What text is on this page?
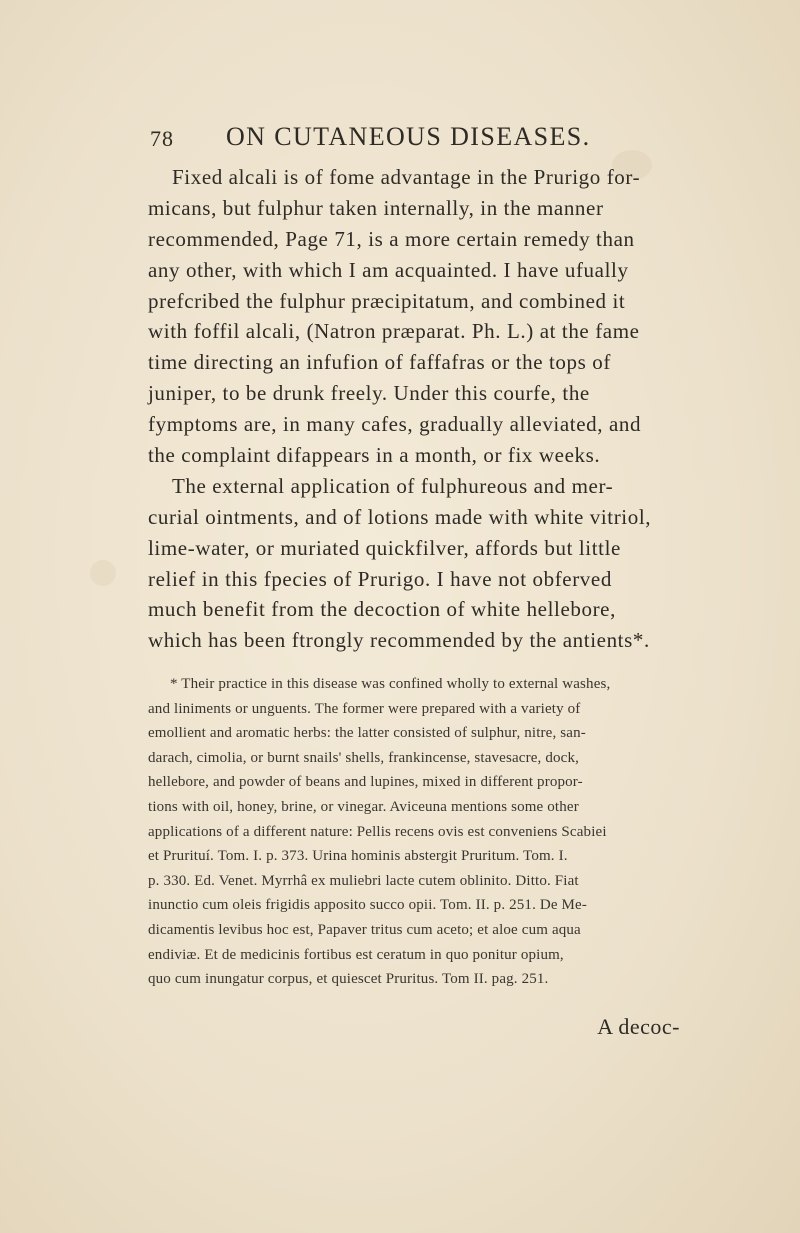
78 ON CUTANEOUS DISEASES.
Fixed alcali is of fome advantage in the Prurigo for-
micans, but fulphur taken internally, in the manner
recommended, Page 71, is a more certain remedy than
any other, with which I am acquainted. I have ufually
prefcribed the fulphur præcipitatum, and combined it
with foffil alcali, (Natron præparat. Ph. L.) at the fame
time directing an infufion of faffafras or the tops of
juniper, to be drunk freely. Under this courfe, the
fymptoms are, in many cafes, gradually alleviated, and
the complaint difappears in a month, or fix weeks.
The external application of fulphureous and mer-
curial ointments, and of lotions made with white vitriol,
lime-water, or muriated quickfilver, affords but little
relief in this fpecies of Prurigo. I have not obferved
much benefit from the decoction of white hellebore,
which has been ftrongly recommended by the antients*.
* Their practice in this disease was confined wholly to external washes,
and liniments or unguents. The former were prepared with a variety of
emollient and aromatic herbs: the latter consisted of sulphur, nitre, san-
darach, cimolia, or burnt snails' shells, frankincense, stavesacre, dock,
hellebore, and powder of beans and lupines, mixed in different propor-
tions with oil, honey, brine, or vinegar. Aviceuna mentions some other
applications of a different nature: Pellis recens ovis est conveniens Scabiei
et Prurituí. Tom. I. p. 373. Urina hominis abstergit Pruritum. Tom. I.
p. 330. Ed. Venet. Myrrhâ ex muliebri lacte cutem oblinito. Ditto. Fiat
inunctio cum oleis frigidis apposito succo opii. Tom. II. p. 251. De Me-
dicamentis levibus hoc est, Papaver tritus cum aceto; et aloe cum aqua
endiviæ. Et de medicinis fortibus est ceratum in quo ponitur opium,
quo cum inungatur corpus, et quiescet Pruritus. Tom II. pag. 251.
A decoc-
